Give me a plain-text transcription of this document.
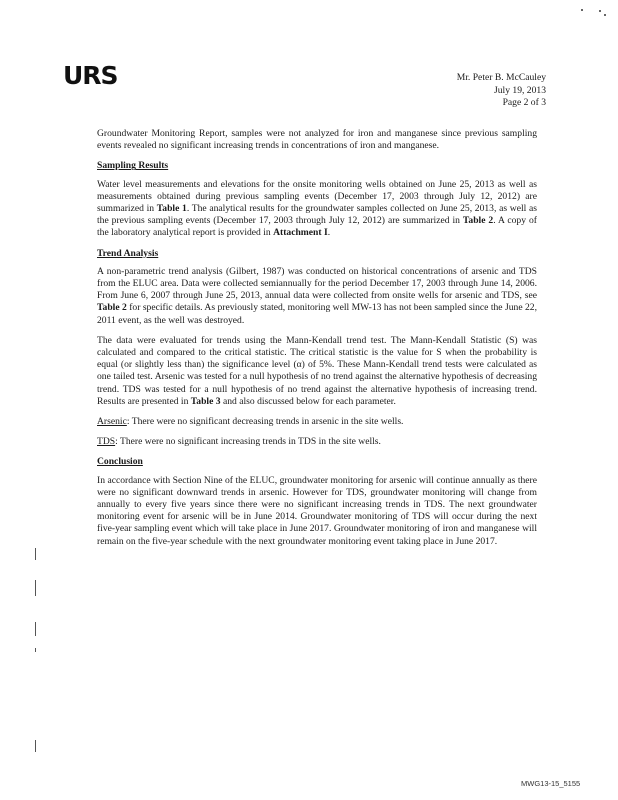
URS	Mr. Peter B. McCauley
July 19, 2013
Page 2 of 3

Groundwater Monitoring Report, samples were not analyzed for iron and manganese since previous sampling events revealed no significant increasing trends in concentrations of iron and manganese.

Sampling Results

Water level measurements and elevations for the onsite monitoring wells obtained on June 25, 2013 as well as measurements obtained during previous sampling events (December 17, 2003 through July 12, 2012) are summarized in Table 1. The analytical results for the groundwater samples collected on June 25, 2013, as well as the previous sampling events (December 17, 2003 through July 12, 2012) are summarized in Table 2. A copy of the laboratory analytical report is provided in Attachment I.

Trend Analysis

A non-parametric trend analysis (Gilbert, 1987) was conducted on historical concentrations of arsenic and TDS from the ELUC area. Data were collected semiannually for the period December 17, 2003 through June 14, 2006. From June 6, 2007 through June 25, 2013, annual data were collected from onsite wells for arsenic and TDS, see Table 2 for specific details. As previously stated, monitoring well MW-13 has not been sampled since the June 22, 2011 event, as the well was destroyed.

The data were evaluated for trends using the Mann-Kendall trend test. The Mann-Kendall Statistic (S) was calculated and compared to the critical statistic. The critical statistic is the value for S when the probability is equal (or slightly less than) the significance level (α) of 5%. These Mann-Kendall trend tests were calculated as one tailed test. Arsenic was tested for a null hypothesis of no trend against the alternative hypothesis of decreasing trend. TDS was tested for a null hypothesis of no trend against the alternative hypothesis of increasing trend. Results are presented in Table 3 and also discussed below for each parameter.

Arsenic: There were no significant decreasing trends in arsenic in the site wells.

TDS: There were no significant increasing trends in TDS in the site wells.

Conclusion

In accordance with Section Nine of the ELUC, groundwater monitoring for arsenic will continue annually as there were no significant downward trends in arsenic. However for TDS, groundwater monitoring will change from annually to every five years since there were no significant increasing trends in TDS. The next groundwater monitoring event for arsenic will be in June 2014. Groundwater monitoring of TDS will occur during the next five-year sampling event which will take place in June 2017. Groundwater monitoring of iron and manganese will remain on the five-year schedule with the next groundwater monitoring event taking place in June 2017.

MWG13-15_5155
